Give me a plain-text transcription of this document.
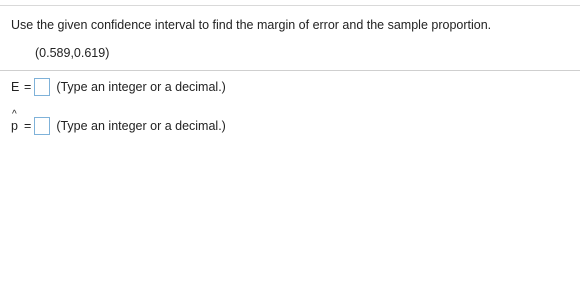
Use the given confidence interval to find the margin of error and the sample proportion.
(0.589,0.619)
E = (Type an integer or a decimal.)
^
p = (Type an integer or a decimal.)
